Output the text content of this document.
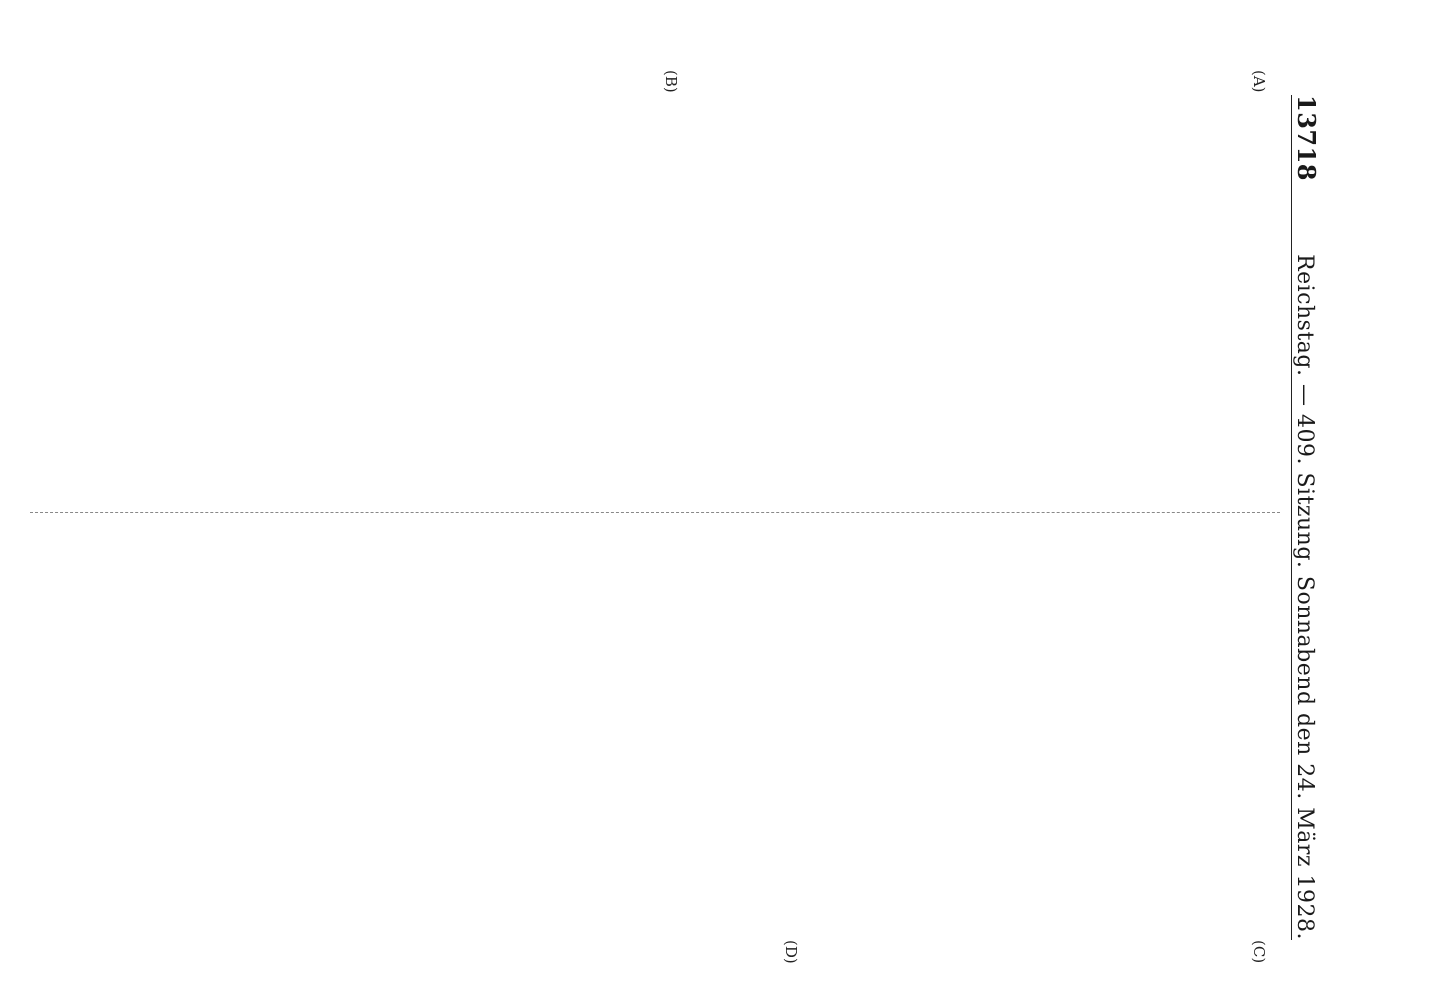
13718
Reichstag. — 409. Sitzung. Sonnabend den 24. März 1928.
(A)
(B)
(C)
(D)
